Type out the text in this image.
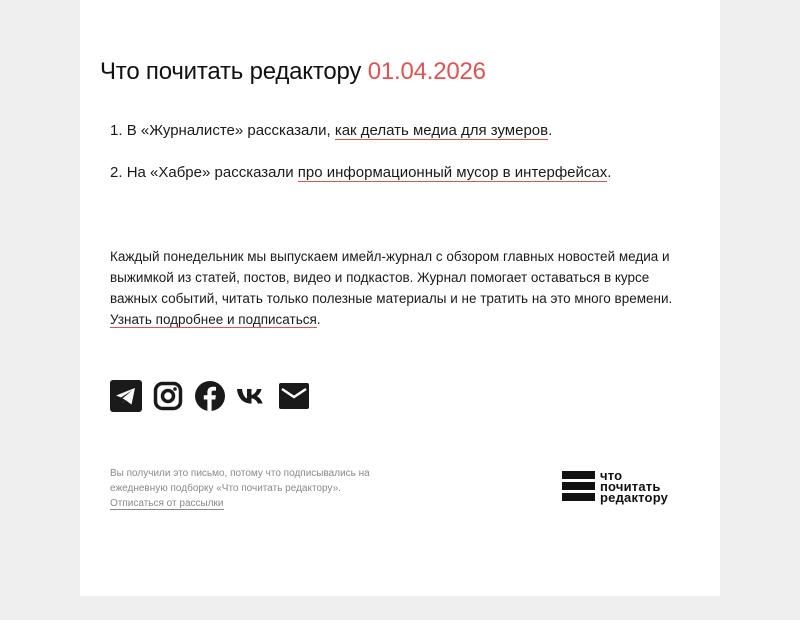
Что почитать редактору 01.04.2026
1. В «Журналисте» рассказали, как делать медиа для зумеров.
2. На «Хабре» рассказали про информационный мусор в интерфейсах.

Каждый понедельник мы выпускаем имейл-журнал с обзором главных новостей медиа и выжимкой из статей, постов, видео и подкастов. Журнал помогает оставаться в курсе важных событий, читать только полезные материалы и не тратить на это много времени. Узнать подробнее и подписаться.

Вы получили это письмо, потому что подписывались на ежедневную подборку «Что почитать редактору».
Отписаться от рассылки
что
почитать
редактору
